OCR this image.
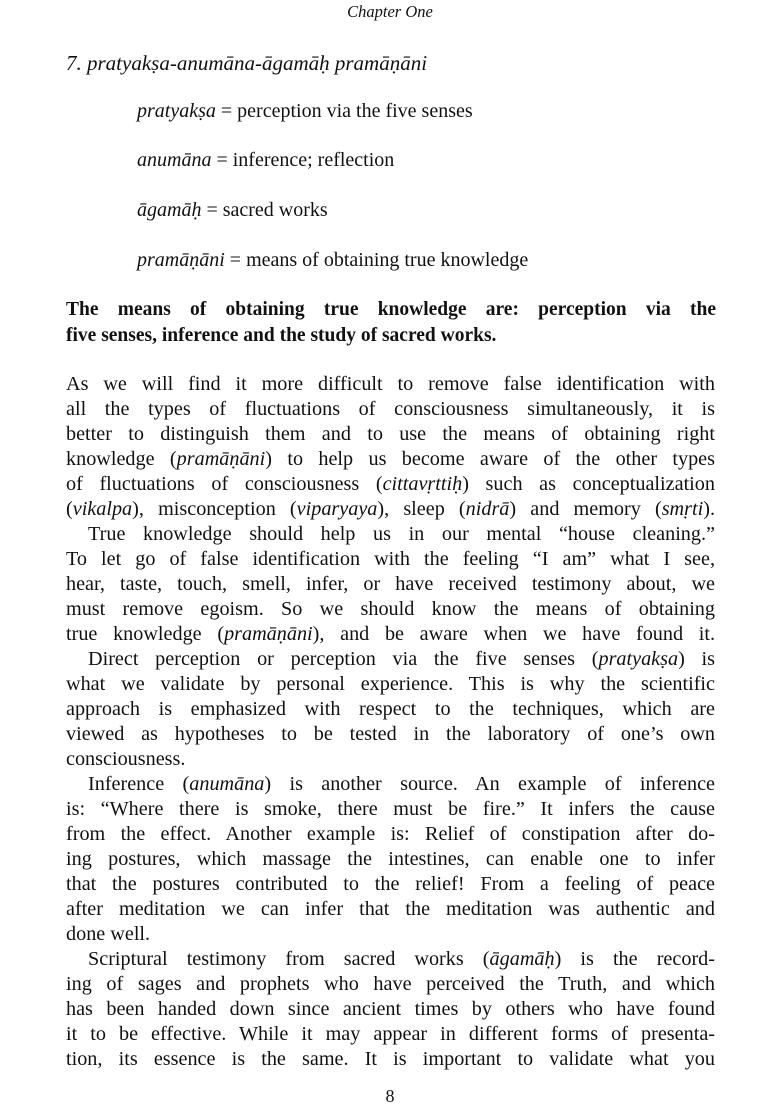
Chapter One
7. pratyakṣa-anumāna-āgamāḥ pramāṇāni
pratyakṣa = perception via the five senses
anumāna = inference; reflection
āgamāḥ = sacred works
pramāṇāni = means of obtaining true knowledge
The means of obtaining true knowledge are: perception via the
five senses, inference and the study of sacred works.
As we will find it more difficult to remove false identification with
all the types of fluctuations of consciousness simultaneously, it is
better to distinguish them and to use the means of obtaining right
knowledge (pramāṇāni) to help us become aware of the other types
of fluctuations of consciousness (cittavṛttiḥ) such as conceptualization
(vikalpa), misconception (viparyaya), sleep (nidrā) and memory (smṛti).
True knowledge should help us in our mental “house cleaning.”
To let go of false identification with the feeling “I am” what I see,
hear, taste, touch, smell, infer, or have received testimony about, we
must remove egoism. So we should know the means of obtaining
true knowledge (pramāṇāni), and be aware when we have found it.
Direct perception or perception via the five senses (pratyakṣa) is
what we validate by personal experience. This is why the scientific
approach is emphasized with respect to the techniques, which are
viewed as hypotheses to be tested in the laboratory of one’s own
consciousness.
Inference (anumāna) is another source. An example of inference
is: “Where there is smoke, there must be fire.” It infers the cause
from the effect. Another example is: Relief of constipation after do-
ing postures, which massage the intestines, can enable one to infer
that the postures contributed to the relief! From a feeling of peace
after meditation we can infer that the meditation was authentic and
done well.
Scriptural testimony from sacred works (āgamāḥ) is the record-
ing of sages and prophets who have perceived the Truth, and which
has been handed down since ancient times by others who have found
it to be effective. While it may appear in different forms of presenta-
tion, its essence is the same. It is important to validate what you
8
